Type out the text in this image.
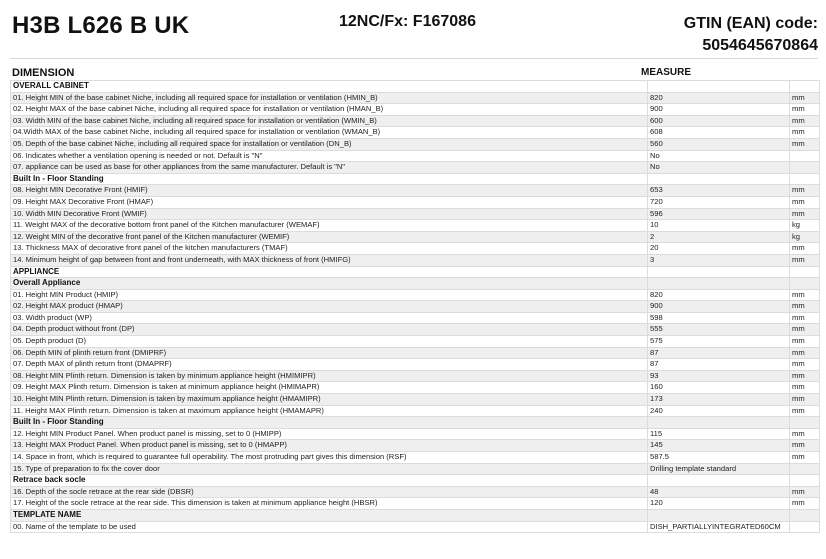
H3B L626 B UK	12NC/Fx: F167086	GTIN (EAN) code:
5054645670864
DIMENSION	MEASURE
OVERALL CABINET		
01. Height MIN of the base cabinet Niche, including all required space for installation or ventilation (HMIN_B)	820	mm
02. Height MAX of the base cabinet Niche, including all required space for installation or ventilation (HMAN_B)	900	mm
03. Width MIN of the base cabinet Niche, including all required space for installation or ventilation (WMIN_B)	600	mm
04.Width MAX of the base cabinet Niche, including all required space for installation or ventilation (WMAN_B)	608	mm
05. Depth of the base cabinet Niche, including all required space for installation or ventilation (DN_B)	560	mm
06. Indicates whether a ventilation opening is needed or not. Default is "N"	No	
07. appliance can be used as base for other appliances from the same manufacturer. Default is "N"	No	
Built In - Floor Standing		
08. Height MIN Decorative Front (HMIF)	653	mm
09. Height MAX Decorative Front (HMAF)	720	mm
10. Width MIN Decorative Front (WMIF)	596	mm
11. Weight MAX of the decorative bottom front panel of the Kitchen manufacturer (WEMAF)	10	kg
12. Weight MIN of the decorative front panel of the Kitchen manufacturer (WEMIF)	2	kg
13. Thickness MAX of decorative front panel of the kitchen manufacturers (TMAF)	20	mm
14. Minimum height of gap between front and front underneath, with MAX thickness of front (HMIFG)	3	mm
APPLIANCE		
Overall Appliance		
01. Height MIN Product (HMIP)	820	mm
02. Height MAX product (HMAP)	900	mm
03. Width product (WP)	598	mm
04. Depth product without front (DP)	555	mm
05. Depth product (D)	575	mm
06. Depth MIN of plinth return front (DMIPRF)	87	mm
07. Depth MAX of plinth return front (DMAPRF)	87	mm
08. Height MIN Plinth return. Dimension is taken by minimum appliance height (HMIMIPR)	93	mm
09. Height MAX Plinth return. Dimension is taken at minimum appliance height (HMIMAPR)	160	mm
10. Height MIN Plinth return. Dimension is taken by maximum appliance height (HMAMIPR)	173	mm
11. Height MAX Plinth return. Dimension is taken at maximum appliance height (HMAMAPR)	240	mm
Built In - Floor Standing		
12. Height MIN Product Panel. When product panel is missing, set to 0 (HMIPP)	115	mm
13. Height MAX Product Panel. When product panel is missing, set to 0 (HMAPP)	145	mm
14. Space in front, which is required to guarantee full operability. The most protruding part gives this dimension (RSF)	587.5	mm
15. Type of preparation to fix the cover door	Drilling template standard	
Retrace back socle		
16. Depth of the socle retrace at the rear side (DBSR)	48	mm
17. Height of the socle retrace at the rear side. This dimension is taken at minimum appliance height (HBSR)	120	mm
TEMPLATE NAME		
00. Name of the template to be used	DISH_PARTIALLYINTEGRATED60CM	
